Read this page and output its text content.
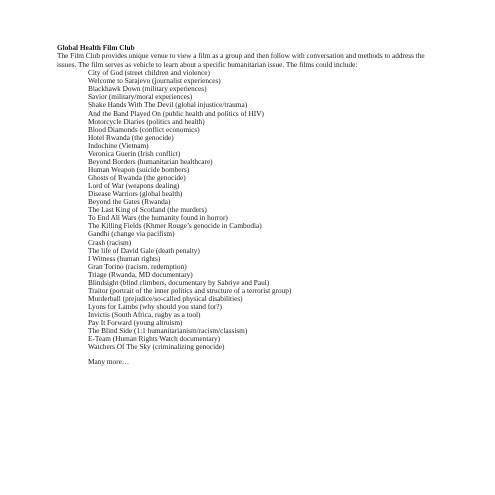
Global Health Film Club

The Film Club provides unique venue to view a film as a group and then follow with conversation and methods to address the issues. The film serves as vehicle to learn about a specific humanitarian issue. The films could include:

City of God (street children and violence)
Welcome to Sarajevo (journalist experiences)
Blackhawk Down (military experiences)
Savior (military/moral experiences)
Shake Hands With The Devil (global injustice/trauma)
And the Band Played On (public health and politics of HIV)
Motorcycle Diaries (politics and health)
Blood Diamonds (conflict economics)
Hotel Rwanda (the genocide)
Indochine (Vietnam)
Veronica Guerin (Irish conflict)
Beyond Borders (humanitarian healthcare)
Human Weapon (suicide bombers)
Ghosts of Rwanda (the genocide)
Lord of War (weapons dealing)
Disease Warriors (global health)
Beyond the Gates (Rwanda)
The Last King of Scotland (the murders)
To End All Wars (the humanity found in horror)
The Killing Fields (Khmer Rouge’s genocide in Cambodia)
Gandhi (change via pacifism)
Crash (racism)
The life of David Gale (death penalty)
I Witness (human rights)
Gran Torino (racism, redemption)
Triage (Rwanda, MD documentary)
Blindsight (blind climbers, documentary by Sabriye and Paul)
Traitor (portrait of the inner politics and structure of a terrorist group)
Murderball (prejudice/so-called physical disabilities)
Lyons for Lambs (why should you stand for?)
Invictis (South Africa, rugby as a tool)
Pay It Forward (young altruism)
The Blind Side (1:1 humanitarianism/racism/classism)
E-Team (Human Rights Watch documentary)
Watchers Of The Sky (criminalizing genocide)

Many more…
